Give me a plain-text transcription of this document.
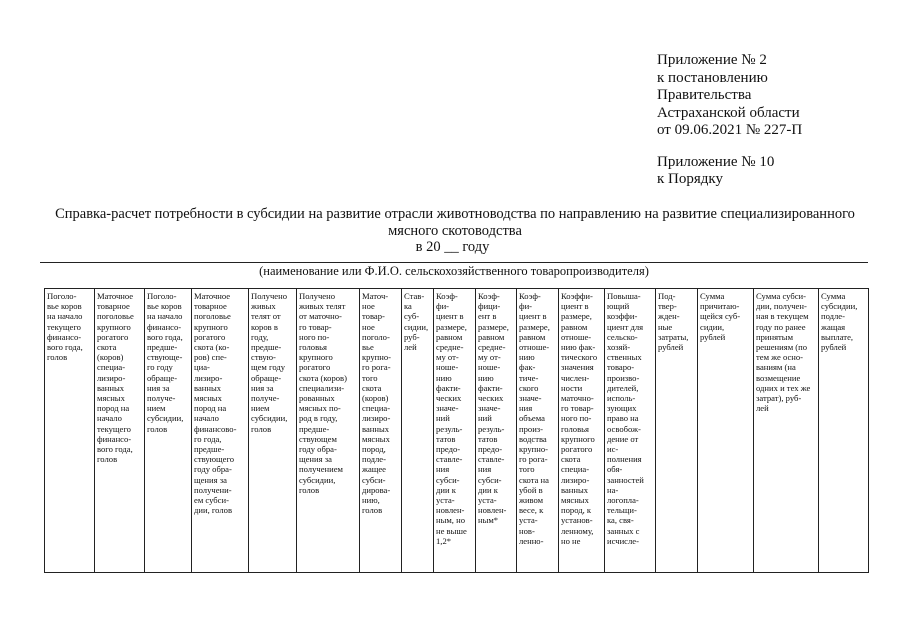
Приложение № 2
к постановлению
Правительства
Астраханской области
от 09.06.2021 № 227-П
Приложение № 10
к Порядку
Справка-расчет потребности в субсидии на развитие отрасли животноводства по направлению на развитие специализированного мясного скотоводства
в 20 __ году
(наименование или Ф.И.О. сельскохозяйственного товаропроизводителя)
Поголо-
вье коров
на начало
текущего
финансо-
вого года,
голов	Маточное
товарное
поголовье
крупного
рогатого
скота
(коров)
специа-
лизиро-
ванных
мясных
пород на
начало
текущего
финансо-
вого года,
голов	Поголо-
вье коров
на начало
финансо-
вого года,
предше-
ствующе-
го году
обраще-
ния за
получе-
нием
субсидии,
голов	Маточное
товарное
поголовье
крупного
рогатого
скота (ко-
ров) спе-
циа-
лизиро-
ванных
мясных
пород на
начало
финансово-
го года,
предше-
ствующего
году обра-
щения за
получени-
ем субси-
дии, голов	Получено
живых
телят от
коров в
году,
предше-
ствую-
щем году
обраще-
ния за
получе-
нием
субсидии,
голов	Получено
живых телят
от маточно-
го товар-
ного по-
головья
крупного
рогатого
скота (коров)
специализи-
рованных
мясных по-
род в году,
предше-
ствующем
году обра-
щения за
получением
субсидии,
голов	Маточ-
ное
товар-
ное
поголо-
вье
крупно-
го рога-
того
скота
(коров)
специа-
лизиро-
ванных
мясных
пород,
подле-
жащее
субси-
дирова-
нию,
голов	Став-
ка
суб-
сидии,
руб-
лей	Коэф-
фи-
циент в
размере,
равном
средне-
му от-
ноше-
нию
факти-
ческих
значе-
ний
резуль-
татов
предо-
ставле-
ния
субси-
дии к
уста-
новлен-
ным, но
не выше
1,2*	Коэф-
фици-
ент в
размере,
равном
средне-
му от-
ноше-
нию
факти-
ческих
значе-
ний
резуль-
татов
предо-
ставле-
ния
субси-
дии к
уста-
новлен-
ным*	Коэф-
фи-
циент в
размере,
равном
отноше-
нию
фак-
тиче-
ского
значе-
ния
объема
произ-
водства
крупно-
го рога-
того
скота на
убой в
живом
весе, к
уста-
нов-
ленно-	Коэффи-
циент в
размере,
равном
отноше-
нию фак-
тического
значения
числен-
ности
маточно-
го товар-
ного по-
головья
крупного
рогатого
скота
специа-
лизиро-
ванных
мясных
пород, к
установ-
ленному,
но не	Повыша-
ющий
коэффи-
циент для
сельско-
хозяй-
ственных
товаро-
произво-
дителей,
исполь-
зующих
право на
освобож-
дение от
ис-
полнения
обя-
занностей
на-
логопла-
тельщи-
ка, свя-
занных с
исчисле-	Под-
твер-
жден-
ные
затраты,
рублей	Сумма
причитаю-
щейся суб-
сидии,
рублей	Сумма субси-
дии, получен-
ная в текущем
году по ранее
принятым
решениям (по
тем же осно-
ваниям (на
возмещение
одних и тех же
затрат), руб-
лей	Сумма
субсидии,
подле-
жащая
выплате,
рублей
